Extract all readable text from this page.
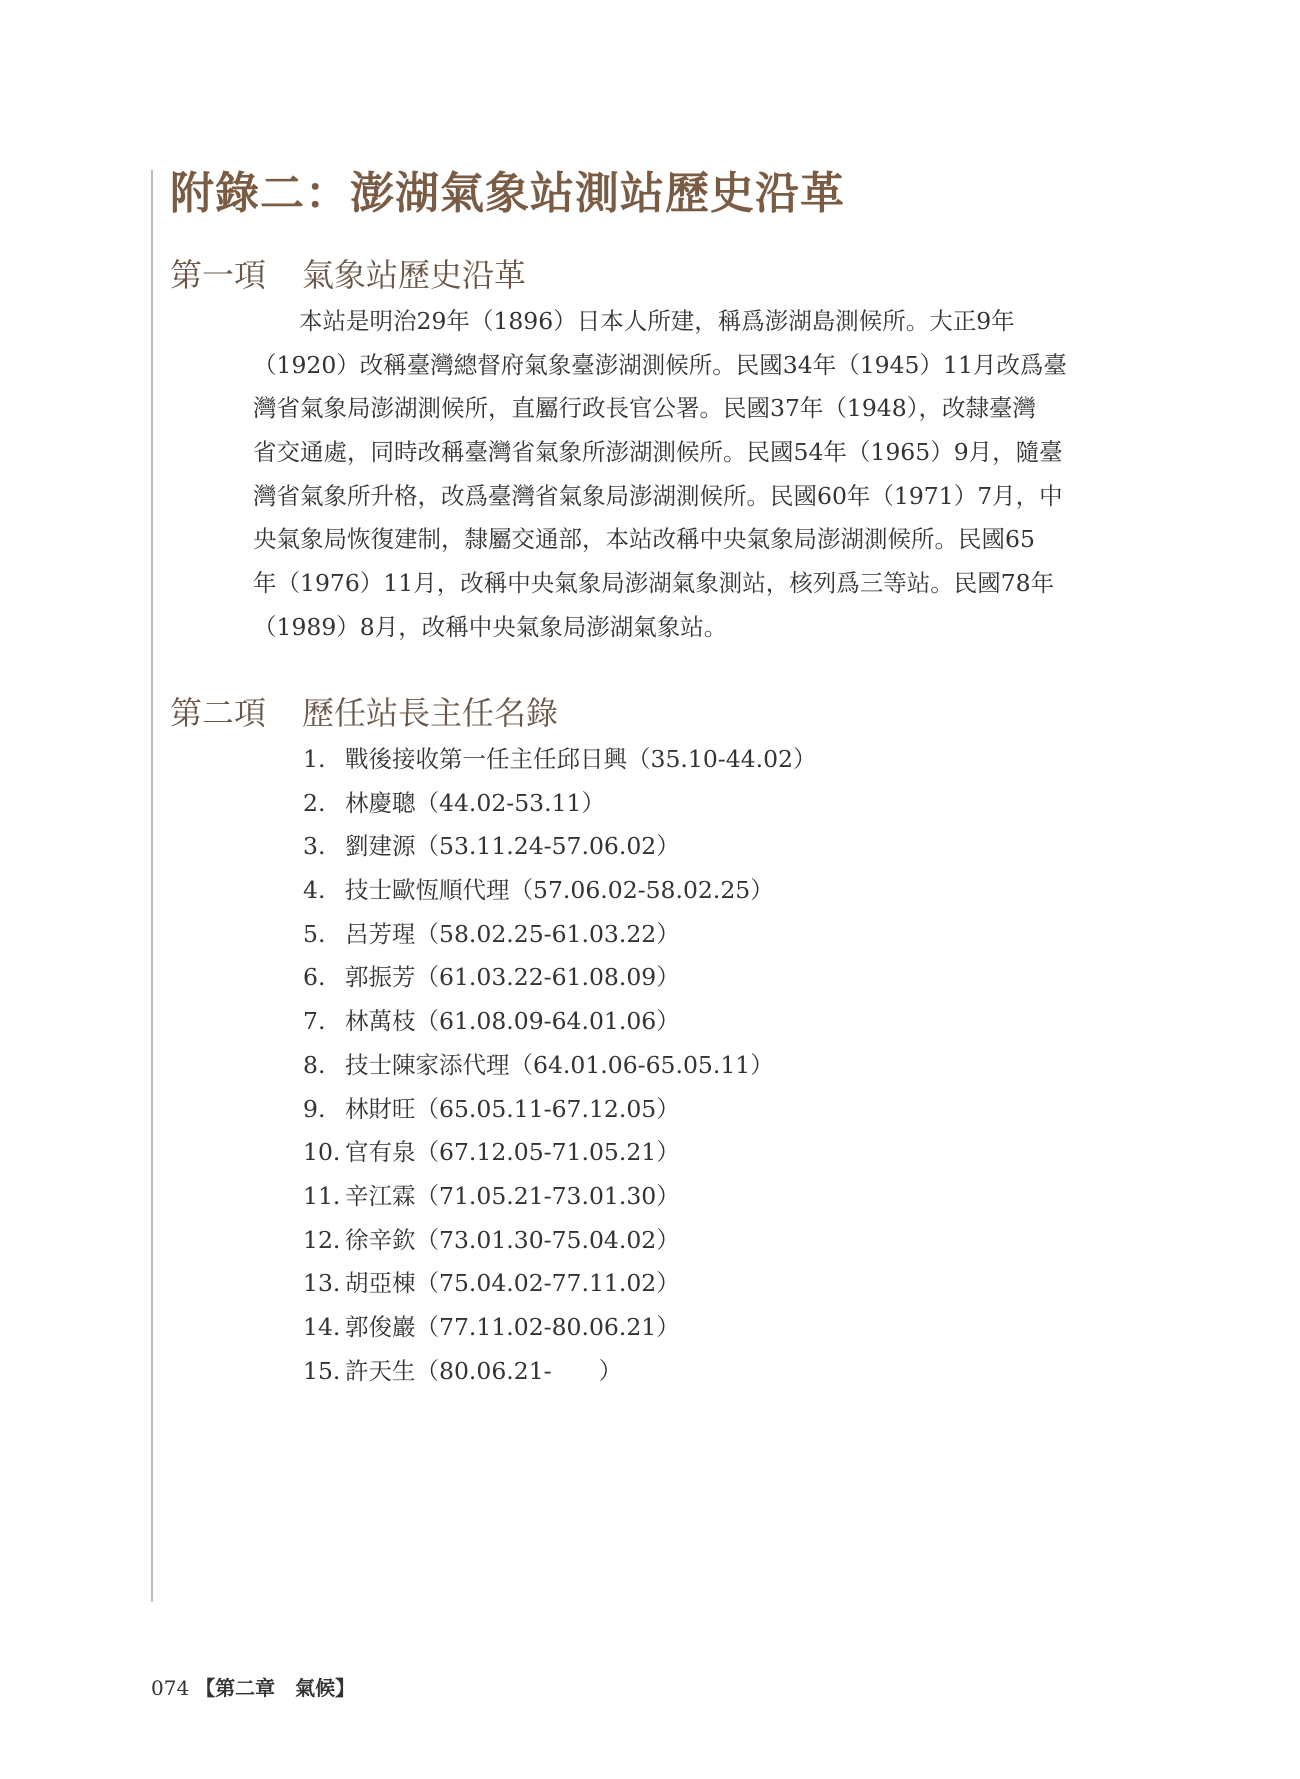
附錄二：澎湖氣象站測站歷史沿革
第一項 氣象站歷史沿革
本站是明治29年（1896）日本人所建，稱爲澎湖島測候所。大正9年
（1920）改稱臺灣總督府氣象臺澎湖測候所。民國34年（1945）11月改爲臺
灣省氣象局澎湖測候所，直屬行政長官公署。民國37年（1948），改隸臺灣
省交通處，同時改稱臺灣省氣象所澎湖測候所。民國54年（1965）9月，隨臺
灣省氣象所升格，改爲臺灣省氣象局澎湖測候所。民國60年（1971）7月，中
央氣象局恢復建制，隸屬交通部，本站改稱中央氣象局澎湖測候所。民國65
年（1976）11月，改稱中央氣象局澎湖氣象測站，核列爲三等站。民國78年
（1989）8月，改稱中央氣象局澎湖氣象站。
第二項 歷任站長主任名錄
1. 戰後接收第一任主任邱日興（35.10-44.02）
2. 林慶聰（44.02-53.11）
3. 劉建源（53.11.24-57.06.02）
4. 技士歐恆順代理（57.06.02-58.02.25）
5. 呂芳瑆（58.02.25-61.03.22）
6. 郭振芳（61.03.22-61.08.09）
7. 林萬枝（61.08.09-64.01.06）
8. 技士陳家添代理（64.01.06-65.05.11）
9. 林財旺（65.05.11-67.12.05）
10. 官有泉（67.12.05-71.05.21）
11. 辛江霖（71.05.21-73.01.30）
12. 徐辛欽（73.01.30-75.04.02）
13. 胡亞棟（75.04.02-77.11.02）
14. 郭俊巖（77.11.02-80.06.21）
15. 許天生（80.06.21-　　）
074 【第二章　氣候】
